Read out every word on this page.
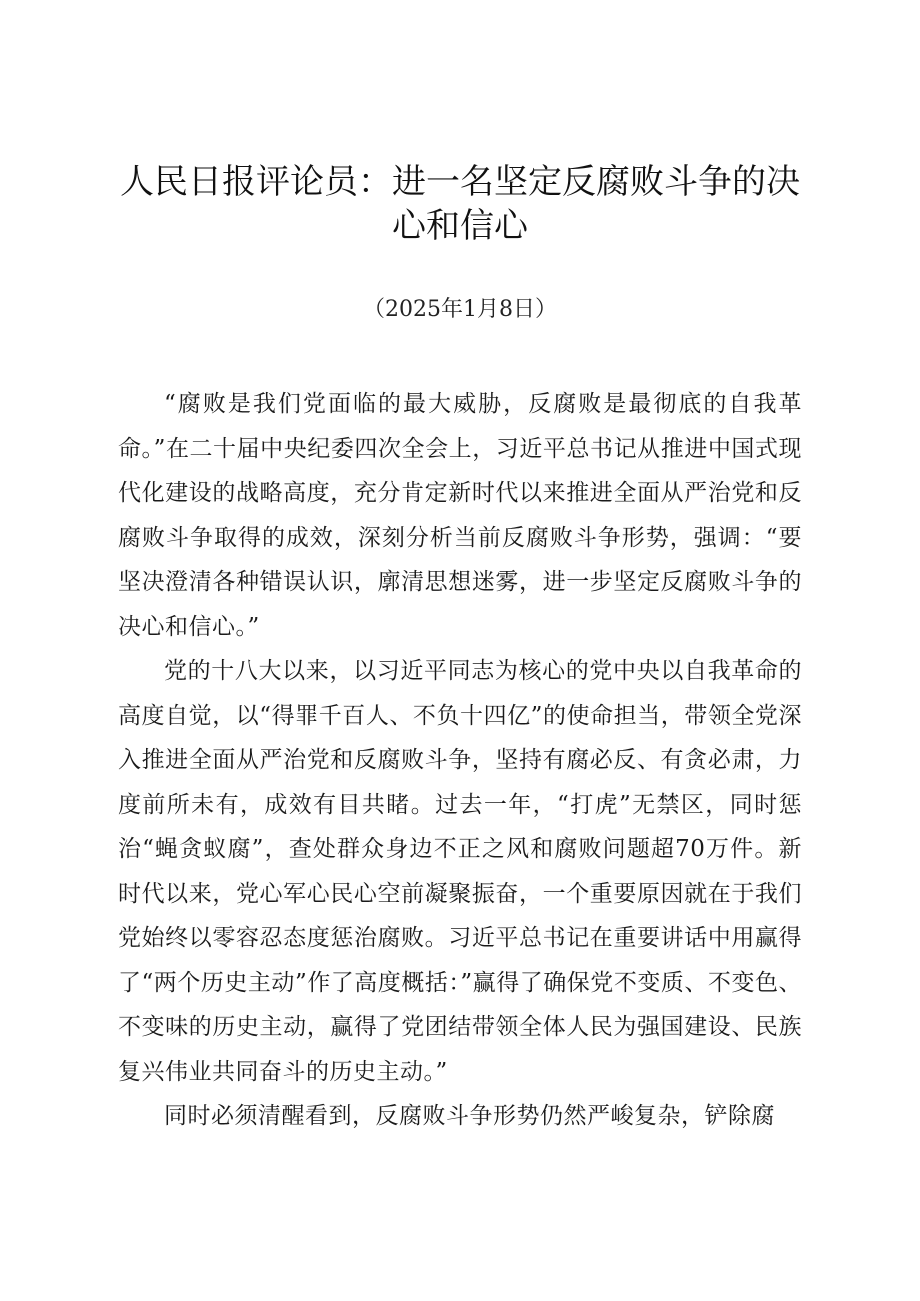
人民日报评论员：进一名坚定反腐败斗争的决心和信心
（2025年1月8日）

“腐败是我们党面临的最大威胁，反腐败是最彻底的自我革命。”在二十届中央纪委四次全会上，习近平总书记从推进中国式现代化建设的战略高度，充分肯定新时代以来推进全面从严治党和反腐败斗争取得的成效，深刻分析当前反腐败斗争形势，强调：“要坚决澄清各种错误认识，廓清思想迷雾，进一步坚定反腐败斗争的决心和信心。”

党的十八大以来，以习近平同志为核心的党中央以自我革命的高度自觉，以“得罪千百人、不负十四亿”的使命担当，带领全党深入推进全面从严治党和反腐败斗争，坚持有腐必反、有贪必肃，力度前所未有，成效有目共睹。过去一年，“打虎”无禁区，同时惩治“蝇贪蚁腐”，查处群众身边不正之风和腐败问题超70万件。新时代以来，党心军心民心空前凝聚振奋，一个重要原因就在于我们党始终以零容忍态度惩治腐败。习近平总书记在重要讲话中用赢得了“两个历史主动”作了高度概括：”赢得了确保党不变质、不变色、不变味的历史主动，赢得了党团结带领全体人民为强国建设、民族复兴伟业共同奋斗的历史主动。”

同时必须清醒看到，反腐败斗争形势仍然严峻复杂，铲除腐
